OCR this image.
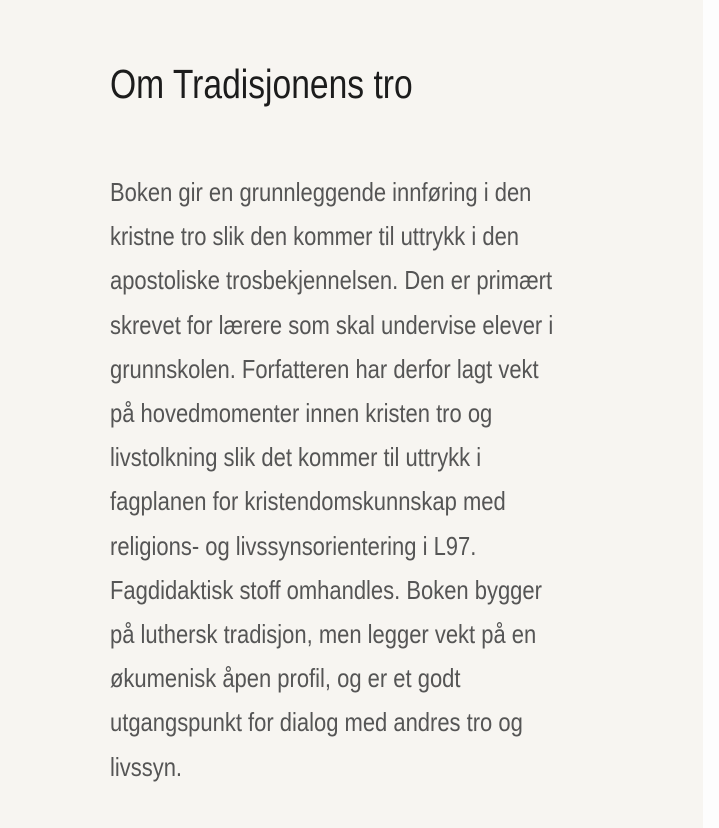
Om Tradisjonens tro
Boken gir en grunnleggende innføring i den
kristne tro slik den kommer til uttrykk i den
apostoliske trosbekjennelsen. Den er primært
skrevet for lærere som skal undervise elever i
grunnskolen. Forfatteren har derfor lagt vekt
på hovedmomenter innen kristen tro og
livstolkning slik det kommer til uttrykk i
fagplanen for kristendomskunnskap med
religions- og livssynsorientering i L97.
Fagdidaktisk stoff omhandles. Boken bygger
på luthersk tradisjon, men legger vekt på en
økumenisk åpen profil, og er et godt
utgangspunkt for dialog med andres tro og
livssyn.
